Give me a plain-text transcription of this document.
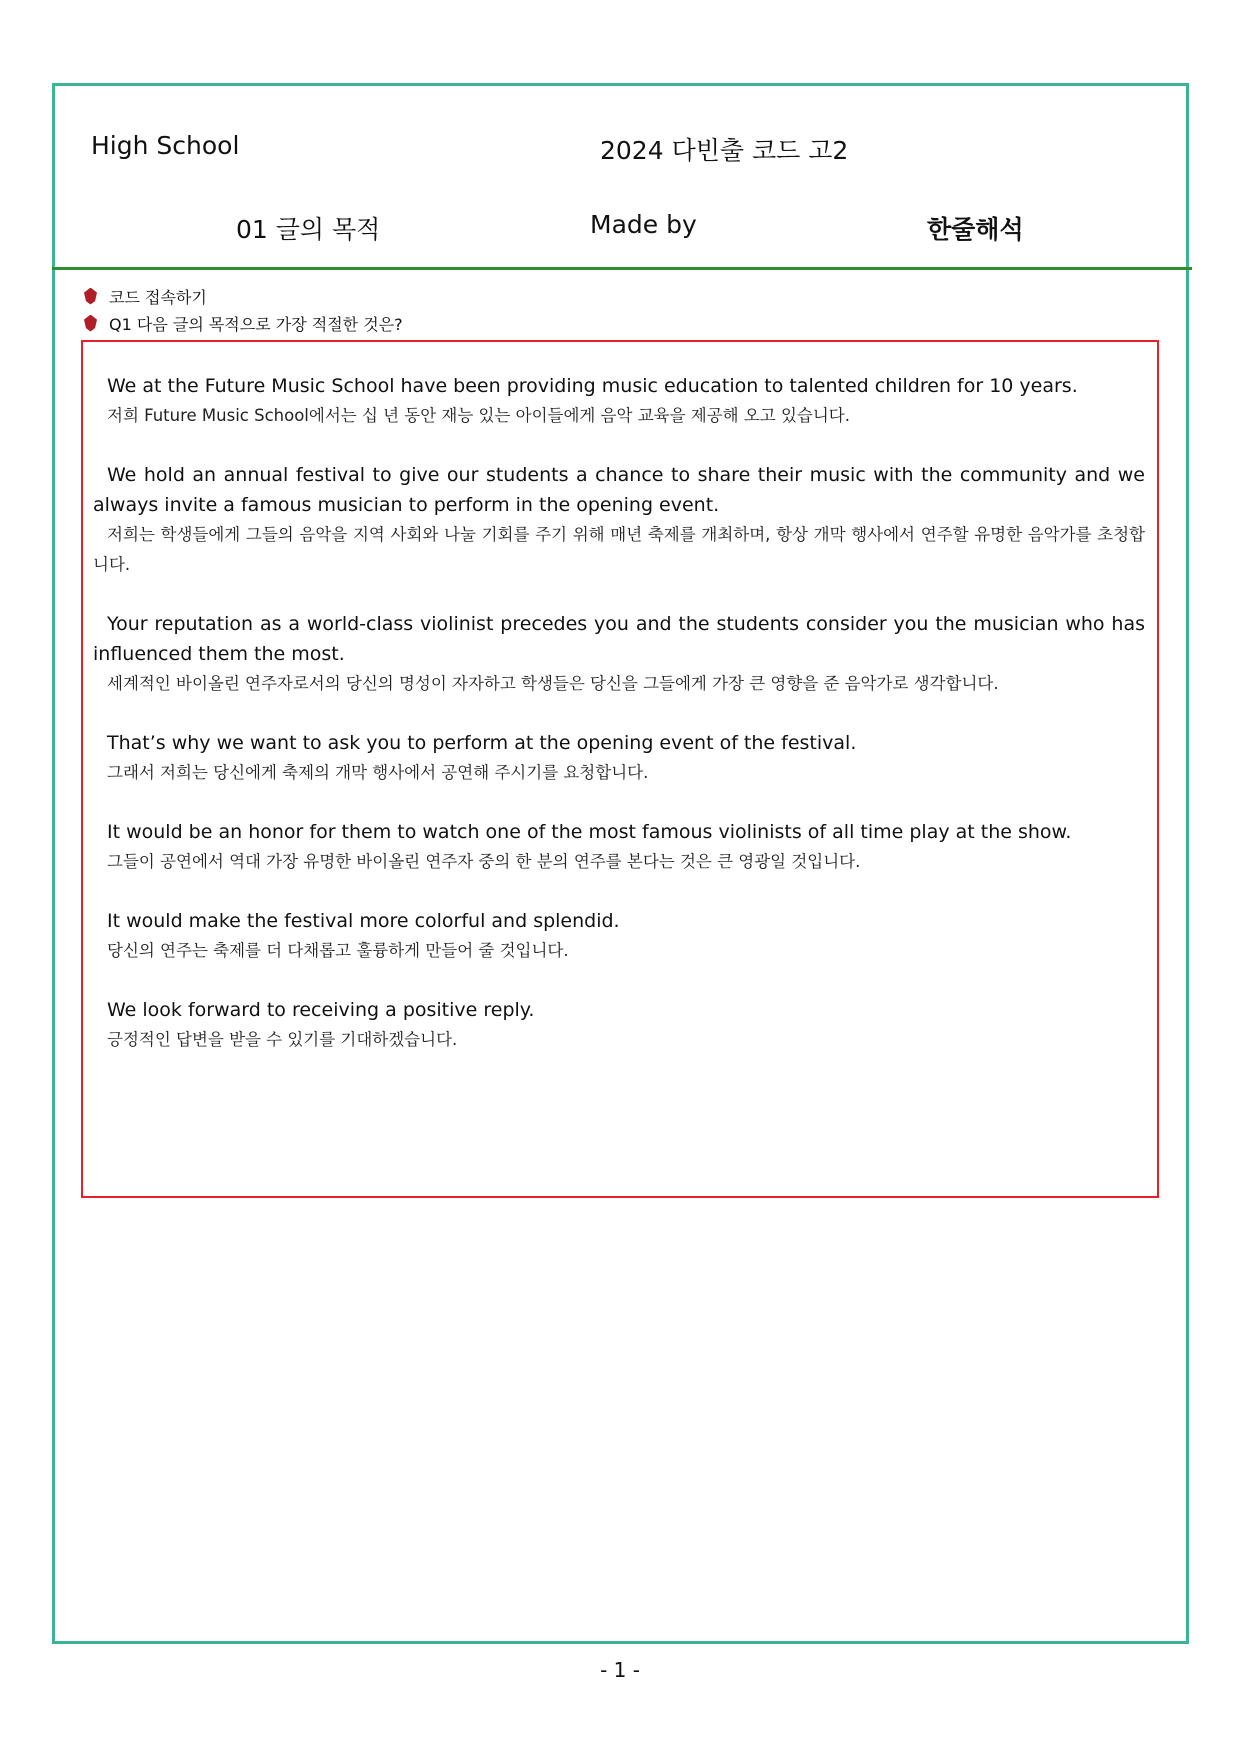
High School	2024 다빈출 코드 고2
01 글의 목적	Made by	한줄해석
코드 접속하기
Q1 다음 글의 목적으로 가장 적절한 것은?
We at the Future Music School have been providing music education to talented children for 10 years.
저희 Future Music School에서는 십 년 동안 재능 있는 아이들에게 음악 교육을 제공해 오고 있습니다.
We hold an annual festival to give our students a chance to share their music with the community and we always invite a famous musician to perform in the opening event.
저희는 학생들에게 그들의 음악을 지역 사회와 나눌 기회를 주기 위해 매년 축제를 개최하며, 항상 개막 행사에서 연주할 유명한 음악가를 초청합니다.
Your reputation as a world-class violinist precedes you and the students consider you the musician who has influenced them the most.
세계적인 바이올린 연주자로서의 당신의 명성이 자자하고 학생들은 당신을 그들에게 가장 큰 영향을 준 음악가로 생각합니다.
That’s why we want to ask you to perform at the opening event of the festival.
그래서 저희는 당신에게 축제의 개막 행사에서 공연해 주시기를 요청합니다.
It would be an honor for them to watch one of the most famous violinists of all time play at the show.
그들이 공연에서 역대 가장 유명한 바이올린 연주자 중의 한 분의 연주를 본다는 것은 큰 영광일 것입니다.
It would make the festival more colorful and splendid.
당신의 연주는 축제를 더 다채롭고 훌륭하게 만들어 줄 것입니다.
We look forward to receiving a positive reply.
긍정적인 답변을 받을 수 있기를 기대하겠습니다.
- 1 -
